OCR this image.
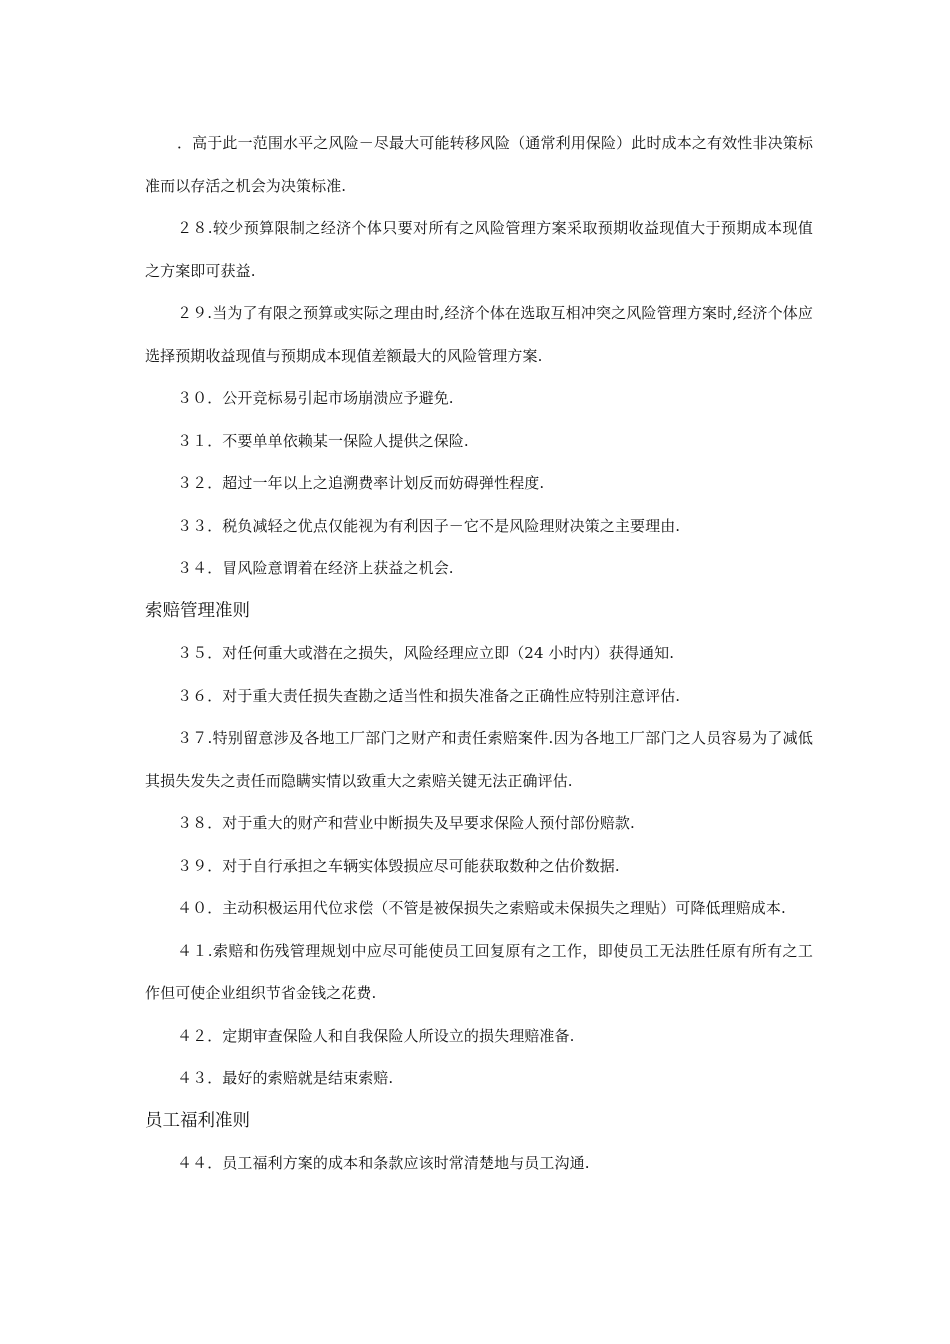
．高于此一范围水平之风险－尽最大可能转移风险（通常利用保险）此时成本之有效性非决策标准而以存活之机会为决策标准.

２８.较少预算限制之经济个体只要对所有之风险管理方案采取预期收益现值大于预期成本现值之方案即可获益.

２９.当为了有限之预算或实际之理由时,经济个体在选取互相冲突之风险管理方案时,经济个体应选择预期收益现值与预期成本现值差额最大的风险管理方案.

３０．公开竞标易引起市场崩溃应予避免.

３１．不要单单依赖某一保险人提供之保险.

３２．超过一年以上之追溯费率计划反而妨碍弹性程度.

３３．税负减轻之优点仅能视为有利因子－它不是风险理财决策之主要理由.

３４．冒风险意谓着在经济上获益之机会.

索赔管理准则

３５．对任何重大或潜在之损失，风险经理应立即（24 小时内）获得通知.

３６．对于重大责任损失查勘之适当性和损失准备之正确性应特别注意评估.

３７.特别留意涉及各地工厂部门之财产和责任索赔案件.因为各地工厂部门之人员容易为了减低其损失发失之责任而隐瞒实情以致重大之索赔关键无法正确评估.

３８．对于重大的财产和营业中断损失及早要求保险人预付部份赔款.

３９．对于自行承担之车辆实体毁损应尽可能获取数种之估价数据.

４０．主动积极运用代位求偿（不管是被保损失之索赔或未保损失之理贴）可降低理赔成本.

４１.索赔和伤残管理规划中应尽可能使员工回复原有之工作，即使员工无法胜任原有所有之工作但可使企业组织节省金钱之花费.

４２．定期审查保险人和自我保险人所设立的损失理赔准备.

４３．最好的索赔就是结束索赔.

员工福利准则

４４．员工福利方案的成本和条款应该时常清楚地与员工沟通.
